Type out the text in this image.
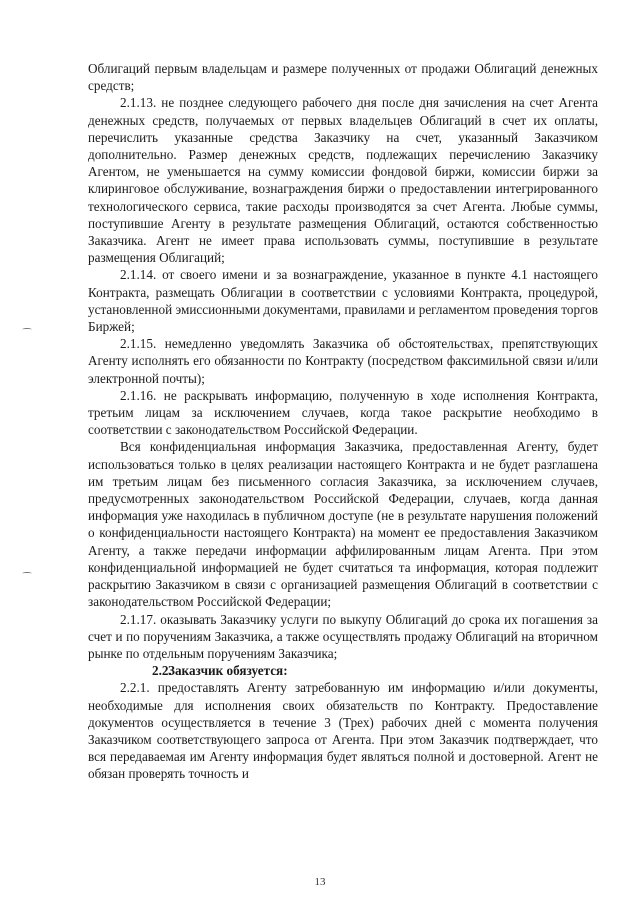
Облигаций первым владельцам и размере полученных от продажи Облигаций денежных средств;

2.1.13. не позднее следующего рабочего дня после дня зачисления на счет Агента денежных средств, получаемых от первых владельцев Облигаций в счет их оплаты, перечислить указанные средства Заказчику на счет, указанный Заказчиком дополнительно. Размер денежных средств, подлежащих перечислению Заказчику Агентом, не уменьшается на сумму комиссии фондовой биржи, комиссии биржи за клиринговое обслуживание, вознаграждения биржи о предоставлении интегрированного технологического сервиса, такие расходы производятся за счет Агента. Любые суммы, поступившие Агенту в результате размещения Облигаций, остаются собственностью Заказчика. Агент не имеет права использовать суммы, поступившие в результате размещения Облигаций;

2.1.14. от своего имени и за вознаграждение, указанное в пункте 4.1 настоящего Контракта, размещать Облигации в соответствии с условиями Контракта, процедурой, установленной эмиссионными документами, правилами и регламентом проведения торгов Биржей;

2.1.15. немедленно уведомлять Заказчика об обстоятельствах, препятствующих Агенту исполнять его обязанности по Контракту (посредством факсимильной связи и/или электронной почты);

2.1.16. не раскрывать информацию, полученную в ходе исполнения Контракта, третьим лицам за исключением случаев, когда такое раскрытие необходимо в соответствии с законодательством Российской Федерации.

Вся конфиденциальная информация Заказчика, предоставленная Агенту, будет использоваться только в целях реализации настоящего Контракта и не будет разглашена им третьим лицам без письменного согласия Заказчика, за исключением случаев, предусмотренных законодательством Российской Федерации, случаев, когда данная информация уже находилась в публичном доступе (не в результате нарушения положений о конфиденциальности настоящего Контракта) на момент ее предоставления Заказчиком Агенту, а также передачи информации аффилированным лицам Агента. При этом конфиденциальной информацией не будет считаться та информация, которая подлежит раскрытию Заказчиком в связи с организацией размещения Облигаций в соответствии с законодательством Российской Федерации;

2.1.17. оказывать Заказчику услуги по выкупу Облигаций до срока их погашения за счет и по поручениям Заказчика, а также осуществлять продажу Облигаций на вторичном рынке по отдельным поручениям Заказчика;

2.2.Заказчик обязуется:

2.2.1. предоставлять Агенту затребованную им информацию и/или документы, необходимые для исполнения своих обязательств по Контракту. Предоставление документов осуществляется в течение 3 (Трех) рабочих дней с момента получения Заказчиком соответствующего запроса от Агента. При этом Заказчик подтверждает, что вся передаваемая им Агенту информация будет являться полной и достоверной. Агент не обязан проверять точность и

13
